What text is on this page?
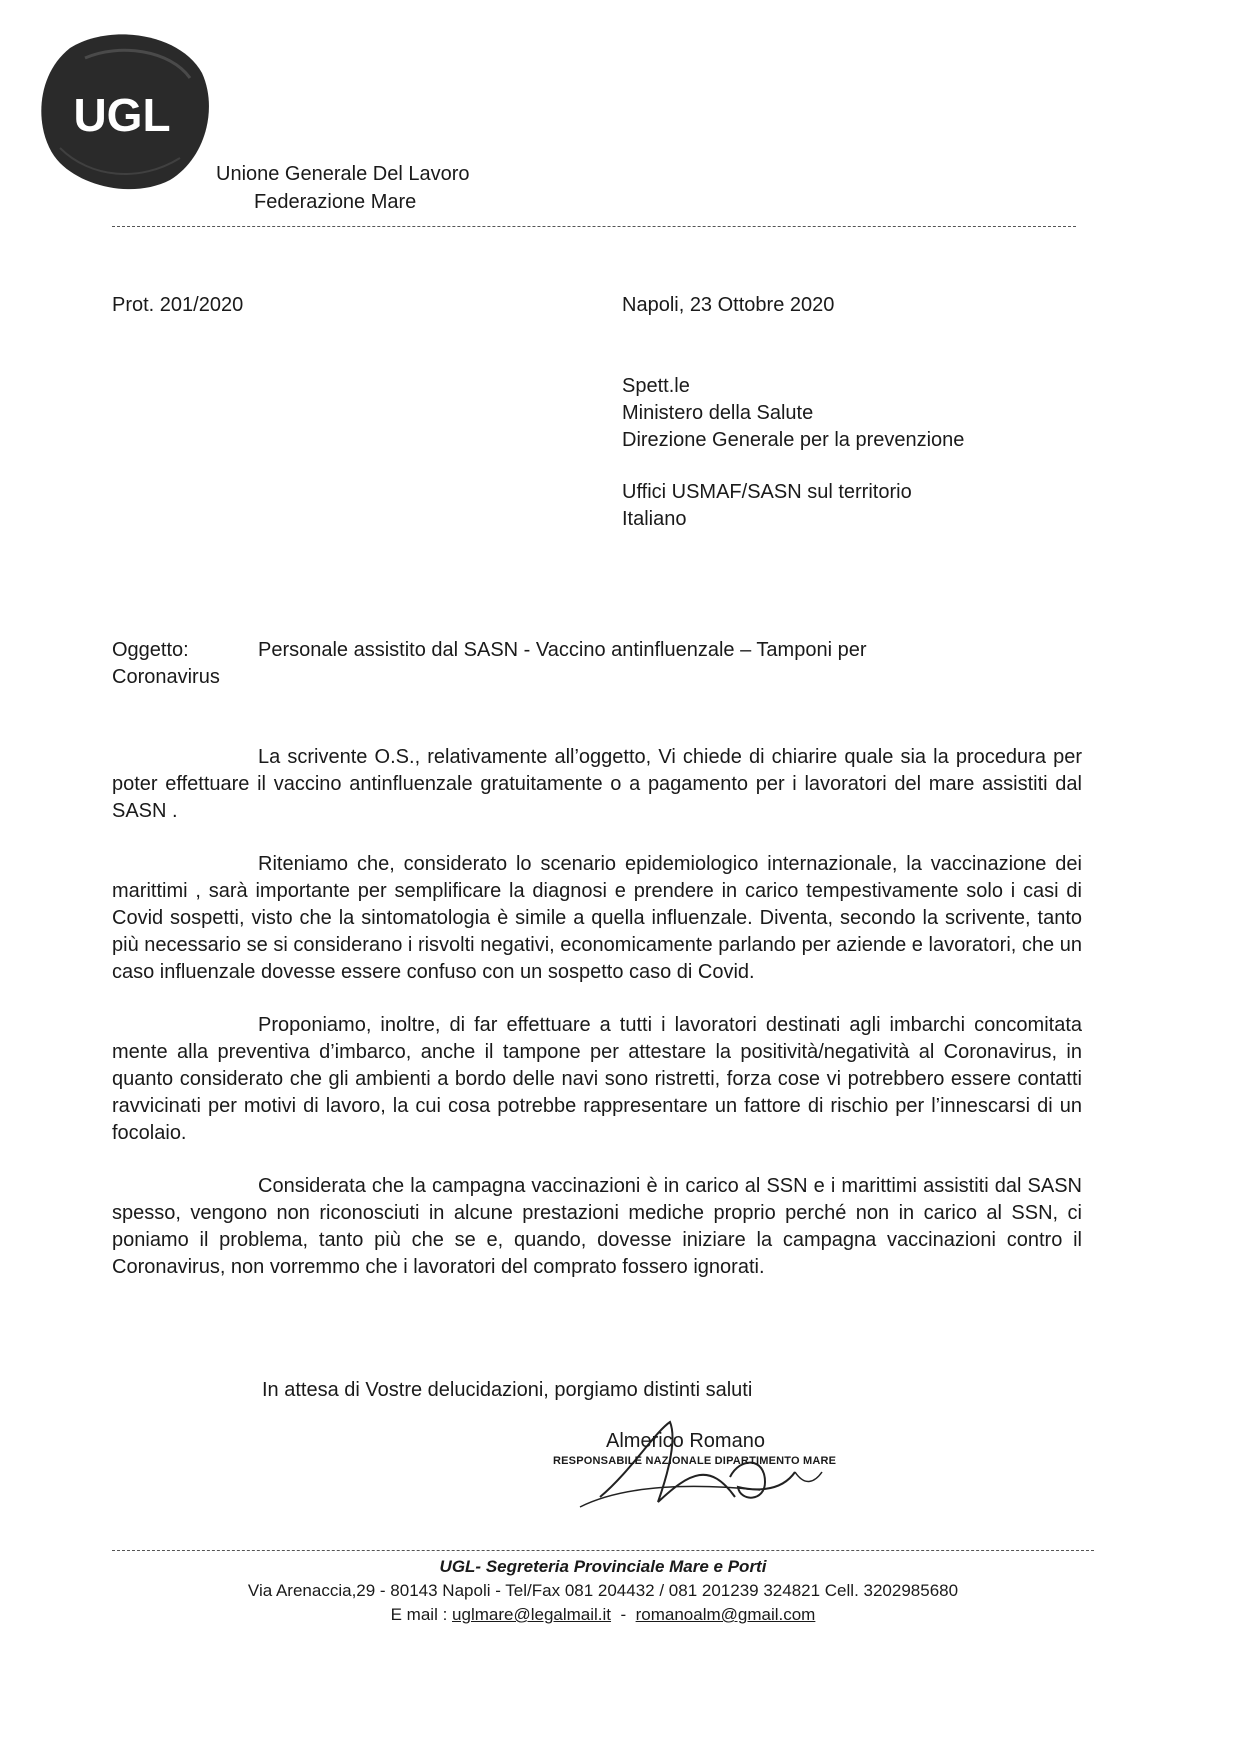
UGL
Unione Generale Del Lavoro
Federazione Mare
Prot. 201/2020	Napoli, 23 Ottobre 2020
Spett.le
Ministero della Salute
Direzione Generale per la prevenzione
Uffici USMAF/SASN sul territorio
Italiano
Oggetto:	Personale assistito dal SASN - Vaccino antinfluenzale – Tamponi per
Coronavirus

La scrivente O.S., relativamente all’oggetto, Vi chiede di chiarire quale sia la procedura per poter effettuare il vaccino antinfluenzale gratuitamente o a pagamento per i lavoratori del mare assistiti dal SASN .

Riteniamo che, considerato lo scenario epidemiologico internazionale, la vaccinazione dei marittimi , sarà importante per semplificare la diagnosi e prendere in carico tempestivamente solo i casi di Covid sospetti, visto che la sintomatologia è simile a quella influenzale. Diventa, secondo la scrivente, tanto più necessario se si considerano i risvolti negativi, economicamente parlando per aziende e lavoratori, che un caso influenzale dovesse essere confuso con un sospetto caso di Covid.

Proponiamo, inoltre, di far effettuare a tutti i lavoratori destinati agli imbarchi concomitata mente alla preventiva d’imbarco, anche il tampone per attestare la positività/negatività al Coronavirus, in quanto considerato che gli ambienti a bordo delle navi sono ristretti, forza cose vi potrebbero essere contatti ravvicinati per motivi di lavoro, la cui cosa potrebbe rappresentare un fattore di rischio per l’innescarsi di un focolaio.

Considerata che la campagna vaccinazioni è in carico al SSN e i marittimi assistiti dal SASN spesso, vengono non riconosciuti in alcune prestazioni mediche proprio perché non in carico al SSN, ci poniamo il problema, tanto più che se e, quando, dovesse iniziare la campagna vaccinazioni contro il Coronavirus, non vorremmo che i lavoratori del comprato fossero ignorati.

In attesa di Vostre delucidazioni, porgiamo distinti saluti
Almerico Romano
RESPONSABILE NAZIONALE DIPARTIMENTO MARE
UGL- Segreteria Provinciale Mare e Porti
Via Arenaccia,29 - 80143 Napoli - Tel/Fax 081 204432 / 081 201239 324821 Cell. 3202985680
E mail : uglmare@legalmail.it  -  romanoalm@gmail.com
